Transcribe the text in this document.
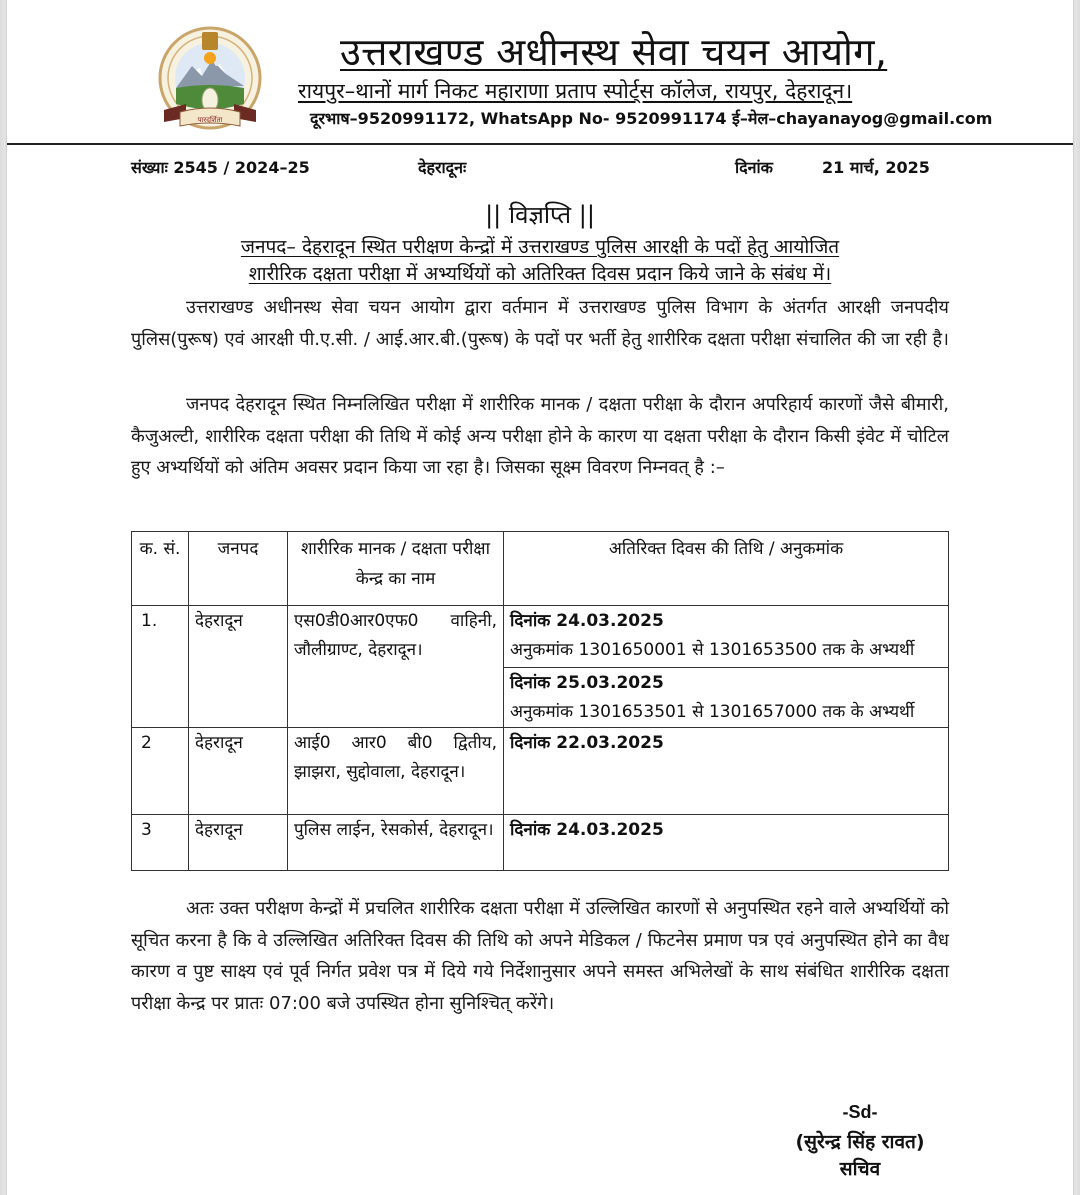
पारदर्शिता
उत्तराखण्ड अधीनस्थ सेवा चयन आयोग,
रायपुर–थानों मार्ग निकट महाराणा प्रताप स्पोर्ट्स कॉलेज, रायपुर, देहरादून।
दूरभाष–9520991172, WhatsApp No- 9520991174 ई–मेल–chayanayog@gmail.com
संख्याः 2545 / 2024–25	देहरादूनः	दिनांक	21 मार्च, 2025
|| विज्ञप्ति ||
जनपद– देहरादून स्थित परीक्षण केन्द्रों में उत्तराखण्ड पुलिस आरक्षी के पदों हेतु आयोजित
शारीरिक दक्षता परीक्षा में अभ्यर्थियों को अतिरिक्त दिवस प्रदान किये जाने के संबंध में।
उत्तराखण्ड अधीनस्थ सेवा चयन आयोग द्वारा वर्तमान में उत्तराखण्ड पुलिस विभाग के अंतर्गत आरक्षी जनपदीय पुलिस(पुरूष) एवं आरक्षी पी.ए.सी. / आई.आर.बी.(पुरूष) के पदों पर भर्ती हेतु शारीरिक दक्षता परीक्षा संचालित की जा रही है।
जनपद देहरादून स्थित निम्नलिखित परीक्षा में शारीरिक मानक / दक्षता परीक्षा के दौरान अपरिहार्य कारणों जैसे बीमारी, कैजुअल्टी, शारीरिक दक्षता परीक्षा की तिथि में कोई अन्य परीक्षा होने के कारण या दक्षता परीक्षा के दौरान किसी इंवेट में चोटिल हुए अभ्यर्थियों को अंतिम अवसर प्रदान किया जा रहा है। जिसका सूक्ष्म विवरण निम्नवत् है :–
क. सं.	जनपद	शारीरिक मानक / दक्षता परीक्षा केन्द्र का नाम	अतिरिक्त दिवस की तिथि / अनुकमांक
1.	देहरादून	एस0डी0आर0एफ0 वाहिनी, जौलीग्राण्ट, देहरादून।	दिनांक 24.03.2025
अनुकमांक 1301650001 से 1301653500 तक के अभ्यर्थी

			दिनांक 25.03.2025
अनुकमांक 1301653501 से 1301657000 तक के अभ्यर्थी

2	देहरादून	आई0 आर0 बी0 द्वितीय, झाझरा, सुद्दोवाला, देहरादून।	दिनांक 22.03.2025

3	देहरादून	पुलिस लाईन, रेसकोर्स, देहरादून।	दिनांक 24.03.2025
अतः उक्त परीक्षण केन्द्रों में प्रचलित शारीरिक दक्षता परीक्षा में उल्लिखित कारणों से अनुपस्थित रहने वाले अभ्यर्थियों को सूचित करना है कि वे उल्लिखित अतिरिक्त दिवस की तिथि को अपने मेडिकल / फिटनेस प्रमाण पत्र एवं अनुपस्थित होने का वैध कारण व पुष्ट साक्ष्य एवं पूर्व निर्गत प्रवेश पत्र में दिये गये निर्देशानुसार अपने समस्त अभिलेखों के साथ संबंधित शारीरिक दक्षता परीक्षा केन्द्र पर प्रातः 07:00 बजे उपस्थित होना सुनिश्चित् करेंगे।
-Sd-
(सुरेन्द्र सिंह रावत)
सचिव
